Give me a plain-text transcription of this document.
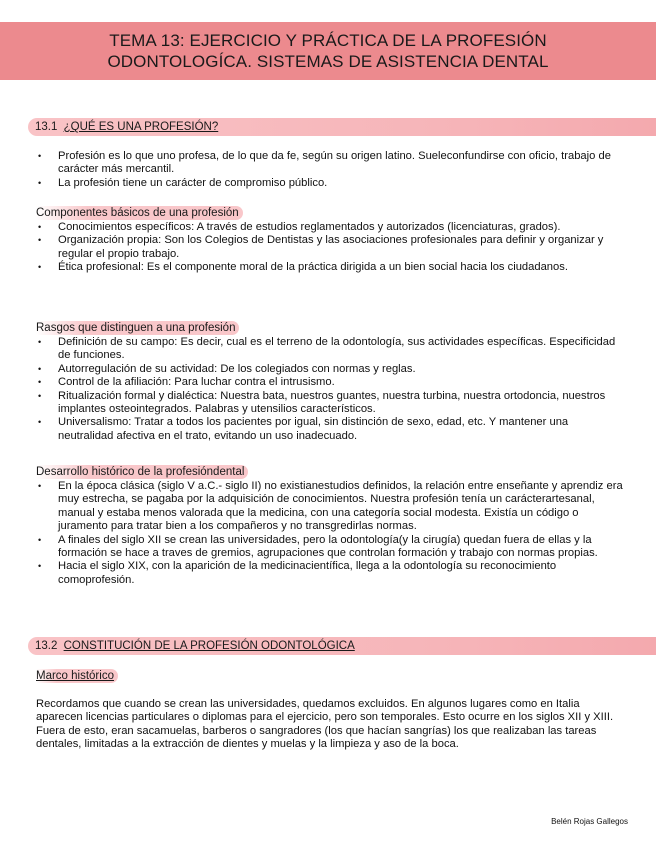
TEMA 13: EJERCICIO Y PRÁCTICA DE LA PROFESIÓN
ODONTOLOGÍCA. SISTEMAS DE ASISTENCIA DENTAL
13.1 ¿QUÉ ES UNA PROFESIÓN?
• Profesión es lo que uno profesa, de lo que da fe, según su origen latino. Sueleconfundirse con oficio, trabajo de carácter más mercantil.
• La profesión tiene un carácter de compromiso público.
Componentes básicos de una profesión
• Conocimientos específicos: A través de estudios reglamentados y autorizados (licenciaturas, grados).
• Organización propia: Son los Colegios de Dentistas y las asociaciones profesionales para definir y organizar y regular el propio trabajo.
• Ética profesional: Es el componente moral de la práctica dirigida a un bien social hacia los ciudadanos.
Rasgos que distinguen a una profesión
• Definición de su campo: Es decir, cual es el terreno de la odontología, sus actividades específicas. Especificidad de funciones.
• Autorregulación de su actividad: De los colegiados con normas y reglas.
• Control de la afiliación: Para luchar contra el intrusismo.
• Ritualización formal y dialéctica: Nuestra bata, nuestros guantes, nuestra turbina, nuestra ortodoncia, nuestros implantes osteointegrados. Palabras y utensilios característicos.
• Universalismo: Tratar a todos los pacientes por igual, sin distinción de sexo, edad, etc. Y mantener una neutralidad afectiva en el trato, evitando un uso inadecuado.
Desarrollo histórico de la profesióndental
• En la época clásica (siglo V a.C.- siglo II) no existianestudios definidos, la relación entre enseñante y aprendiz era muy estrecha, se pagaba por la adquisición de conocimientos. Nuestra profesión tenía un carácterartesanal, manual y estaba menos valorada que la medicina, con una categoría social modesta. Existía un código o juramento para tratar bien a los compañeros y no transgredirlas normas.
• A finales del siglo XII se crean las universidades, pero la odontología(y la cirugía) quedan fuera de ellas y la formación se hace a traves de gremios, agrupaciones que controlan formación y trabajo con normas propias.
• Hacia el siglo XIX, con la aparición de la medicinacientífica, llega a la odontología su reconocimiento comoprofesión.
13.2 CONSTITUCIÓN DE LA PROFESIÓN ODONTOLÓGICA
Marco histórico
Recordamos que cuando se crean las universidades, quedamos excluidos. En algunos lugares como en Italia aparecen licencias particulares o diplomas para el ejercicio, pero son temporales. Esto ocurre en los siglos XII y XIII. Fuera de esto, eran sacamuelas, barberos o sangradores (los que hacían sangrías) los que realizaban las tareas dentales, limitadas a la extracción de dientes y muelas y la limpieza y aso de la boca.
Belén Rojas Gallegos
